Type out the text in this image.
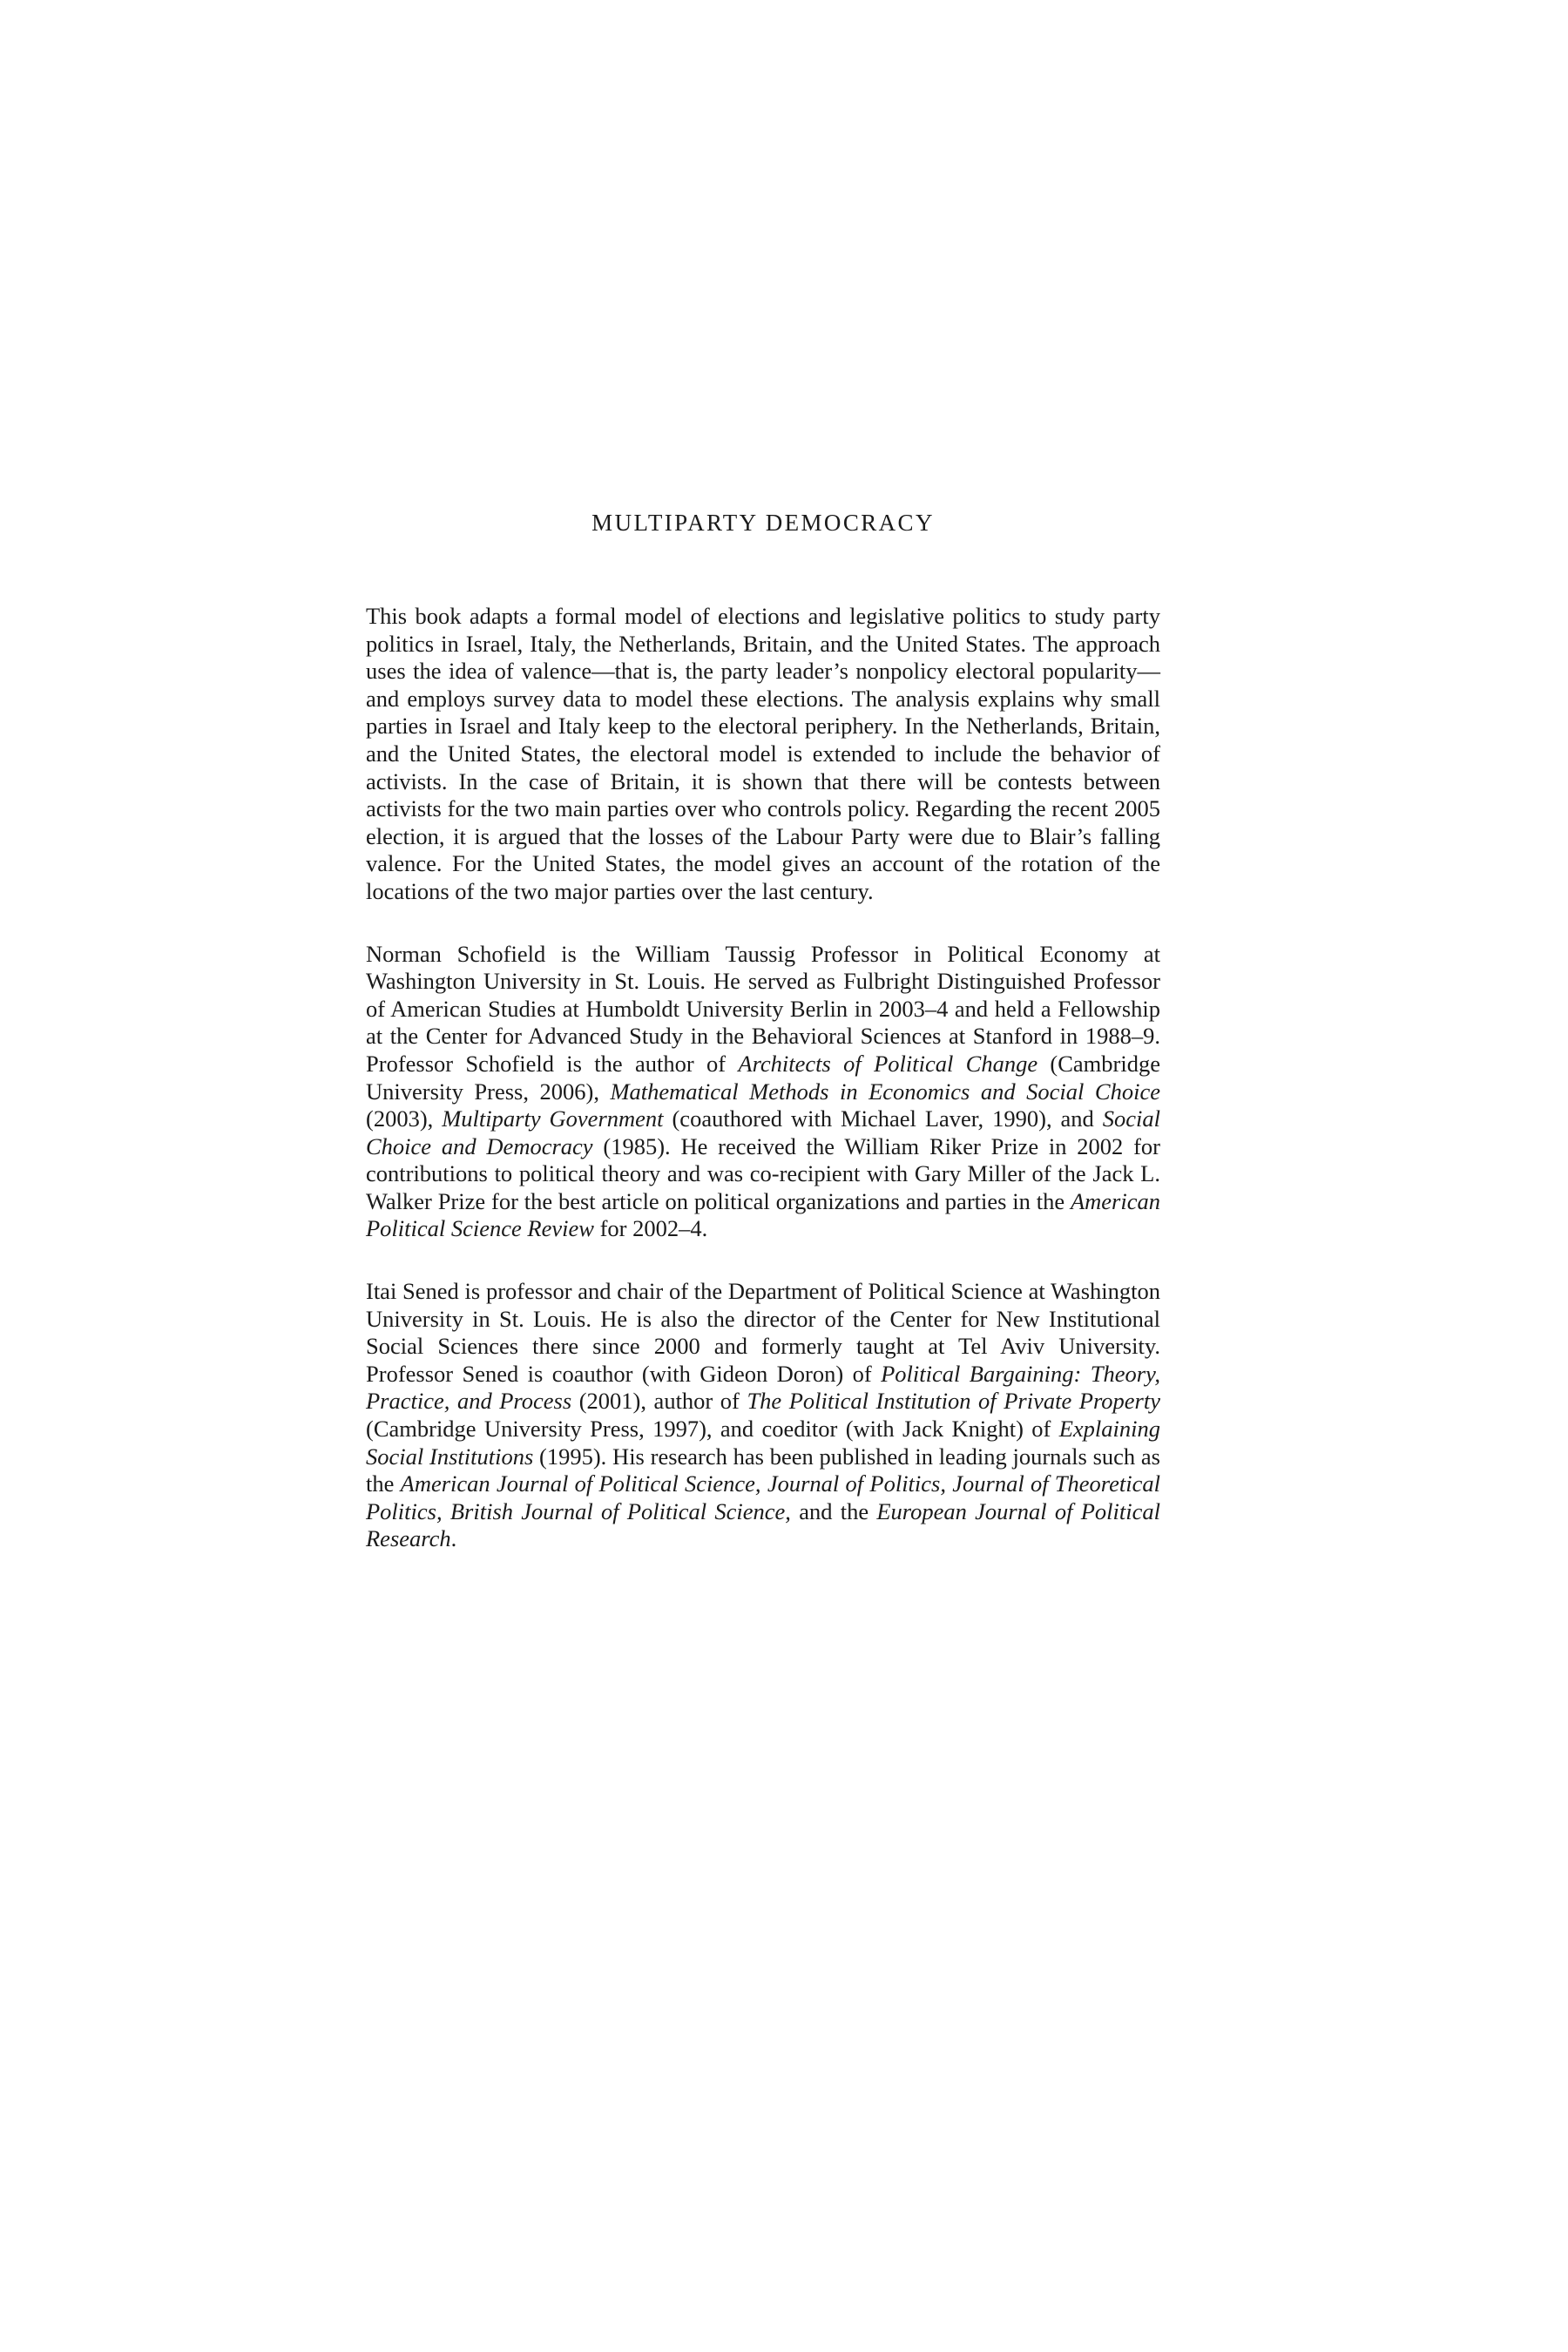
MULTIPARTY DEMOCRACY

This book adapts a formal model of elections and legislative politics to study party politics in Israel, Italy, the Netherlands, Britain, and the United States. The approach uses the idea of valence—that is, the party leader’s nonpolicy electoral popularity—and employs survey data to model these elections. The analysis explains why small parties in Israel and Italy keep to the electoral periphery. In the Netherlands, Britain, and the United States, the electoral model is extended to include the behavior of activists. In the case of Britain, it is shown that there will be contests between activists for the two main parties over who controls policy. Regarding the recent 2005 election, it is argued that the losses of the Labour Party were due to Blair’s falling valence. For the United States, the model gives an account of the rotation of the locations of the two major parties over the last century.

Norman Schofield is the William Taussig Professor in Political Economy at Washington University in St. Louis. He served as Fulbright Distinguished Professor of American Studies at Humboldt University Berlin in 2003–4 and held a Fellowship at the Center for Advanced Study in the Behavioral Sciences at Stanford in 1988–9. Professor Schofield is the author of Architects of Political Change (Cambridge University Press, 2006), Mathematical Methods in Economics and Social Choice (2003), Multiparty Government (coauthored with Michael Laver, 1990), and Social Choice and Democracy (1985). He received the William Riker Prize in 2002 for contributions to political theory and was co-recipient with Gary Miller of the Jack L. Walker Prize for the best article on political organizations and parties in the American Political Science Review for 2002–4.

Itai Sened is professor and chair of the Department of Political Science at Washington University in St. Louis. He is also the director of the Center for New Institutional Social Sciences there since 2000 and formerly taught at Tel Aviv University. Professor Sened is coauthor (with Gideon Doron) of Political Bargaining: Theory, Practice, and Process (2001), author of The Political Institution of Private Property (Cambridge University Press, 1997), and coeditor (with Jack Knight) of Explaining Social Institutions (1995). His research has been published in leading journals such as the American Journal of Political Science, Journal of Politics, Journal of Theoretical Politics, British Journal of Political Science, and the European Journal of Political Research.
